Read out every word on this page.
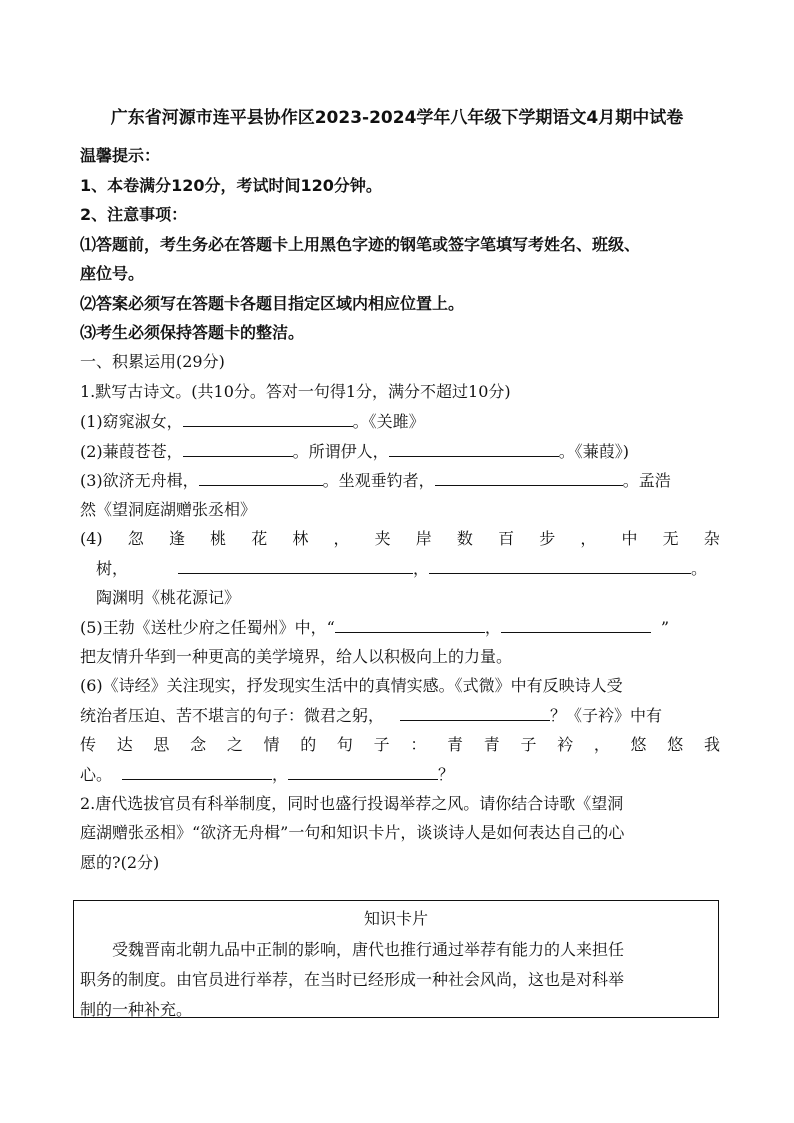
广东省河源市连平县协作区2023-2024学年八年级下学期语文4月期中试卷
温馨提示：
1、本卷满分120分，考试时间120分钟。
2、注意事项：
⑴答题前，考生务必在答题卡上用黑色字迹的钢笔或签字笔填写考姓名、班级、
座位号。
⑵答案必须写在答题卡各题目指定区域内相应位置上。
⑶考生必须保持答题卡的整洁。
一、积累运用(29分)
1.默写古诗文。(共10分。答对一句得1分，满分不超过10分)
(1)窈窕淑女，	。《关雎》
(2)蒹葭苍苍，	。所谓伊人，	。《蒹葭》)
(3)欲济无舟楫，	。坐观垂钓者，	。孟浩
然《望洞庭湖赠张丞相》
(4) 忽 逢 桃 花 林 ， 夹 岸 数 百 步 ， 中 无 杂
树，	，	。
陶渊明《桃花源记》
(5)王勃《送杜少府之任蜀州》中，“	，	”
把友情升华到一种更高的美学境界，给人以积极向上的力量。
(6)《诗经》关注现实，抒发现实生活中的真情实感。《式微》中有反映诗人受
统治者压迫、苦不堪言的句子：微君之躬，	？《子衿》中有
传 达 思 念 之 情 的 句 子 ： 青 青 子 衿 ， 悠 悠 我
心。	，	？
2.唐代选拔官员有科举制度，同时也盛行投谒举荐之风。请你结合诗歌《望洞
庭湖赠张丞相》“欲济无舟楫”一句和知识卡片，谈谈诗人是如何表达自己的心
愿的?(2分)
知识卡片
　　受魏晋南北朝九品中正制的影响，唐代也推行通过举荐有能力的人来担任
职务的制度。由官员进行举荐，在当时已经形成一种社会风尚，这也是对科举
制的一种补充。
